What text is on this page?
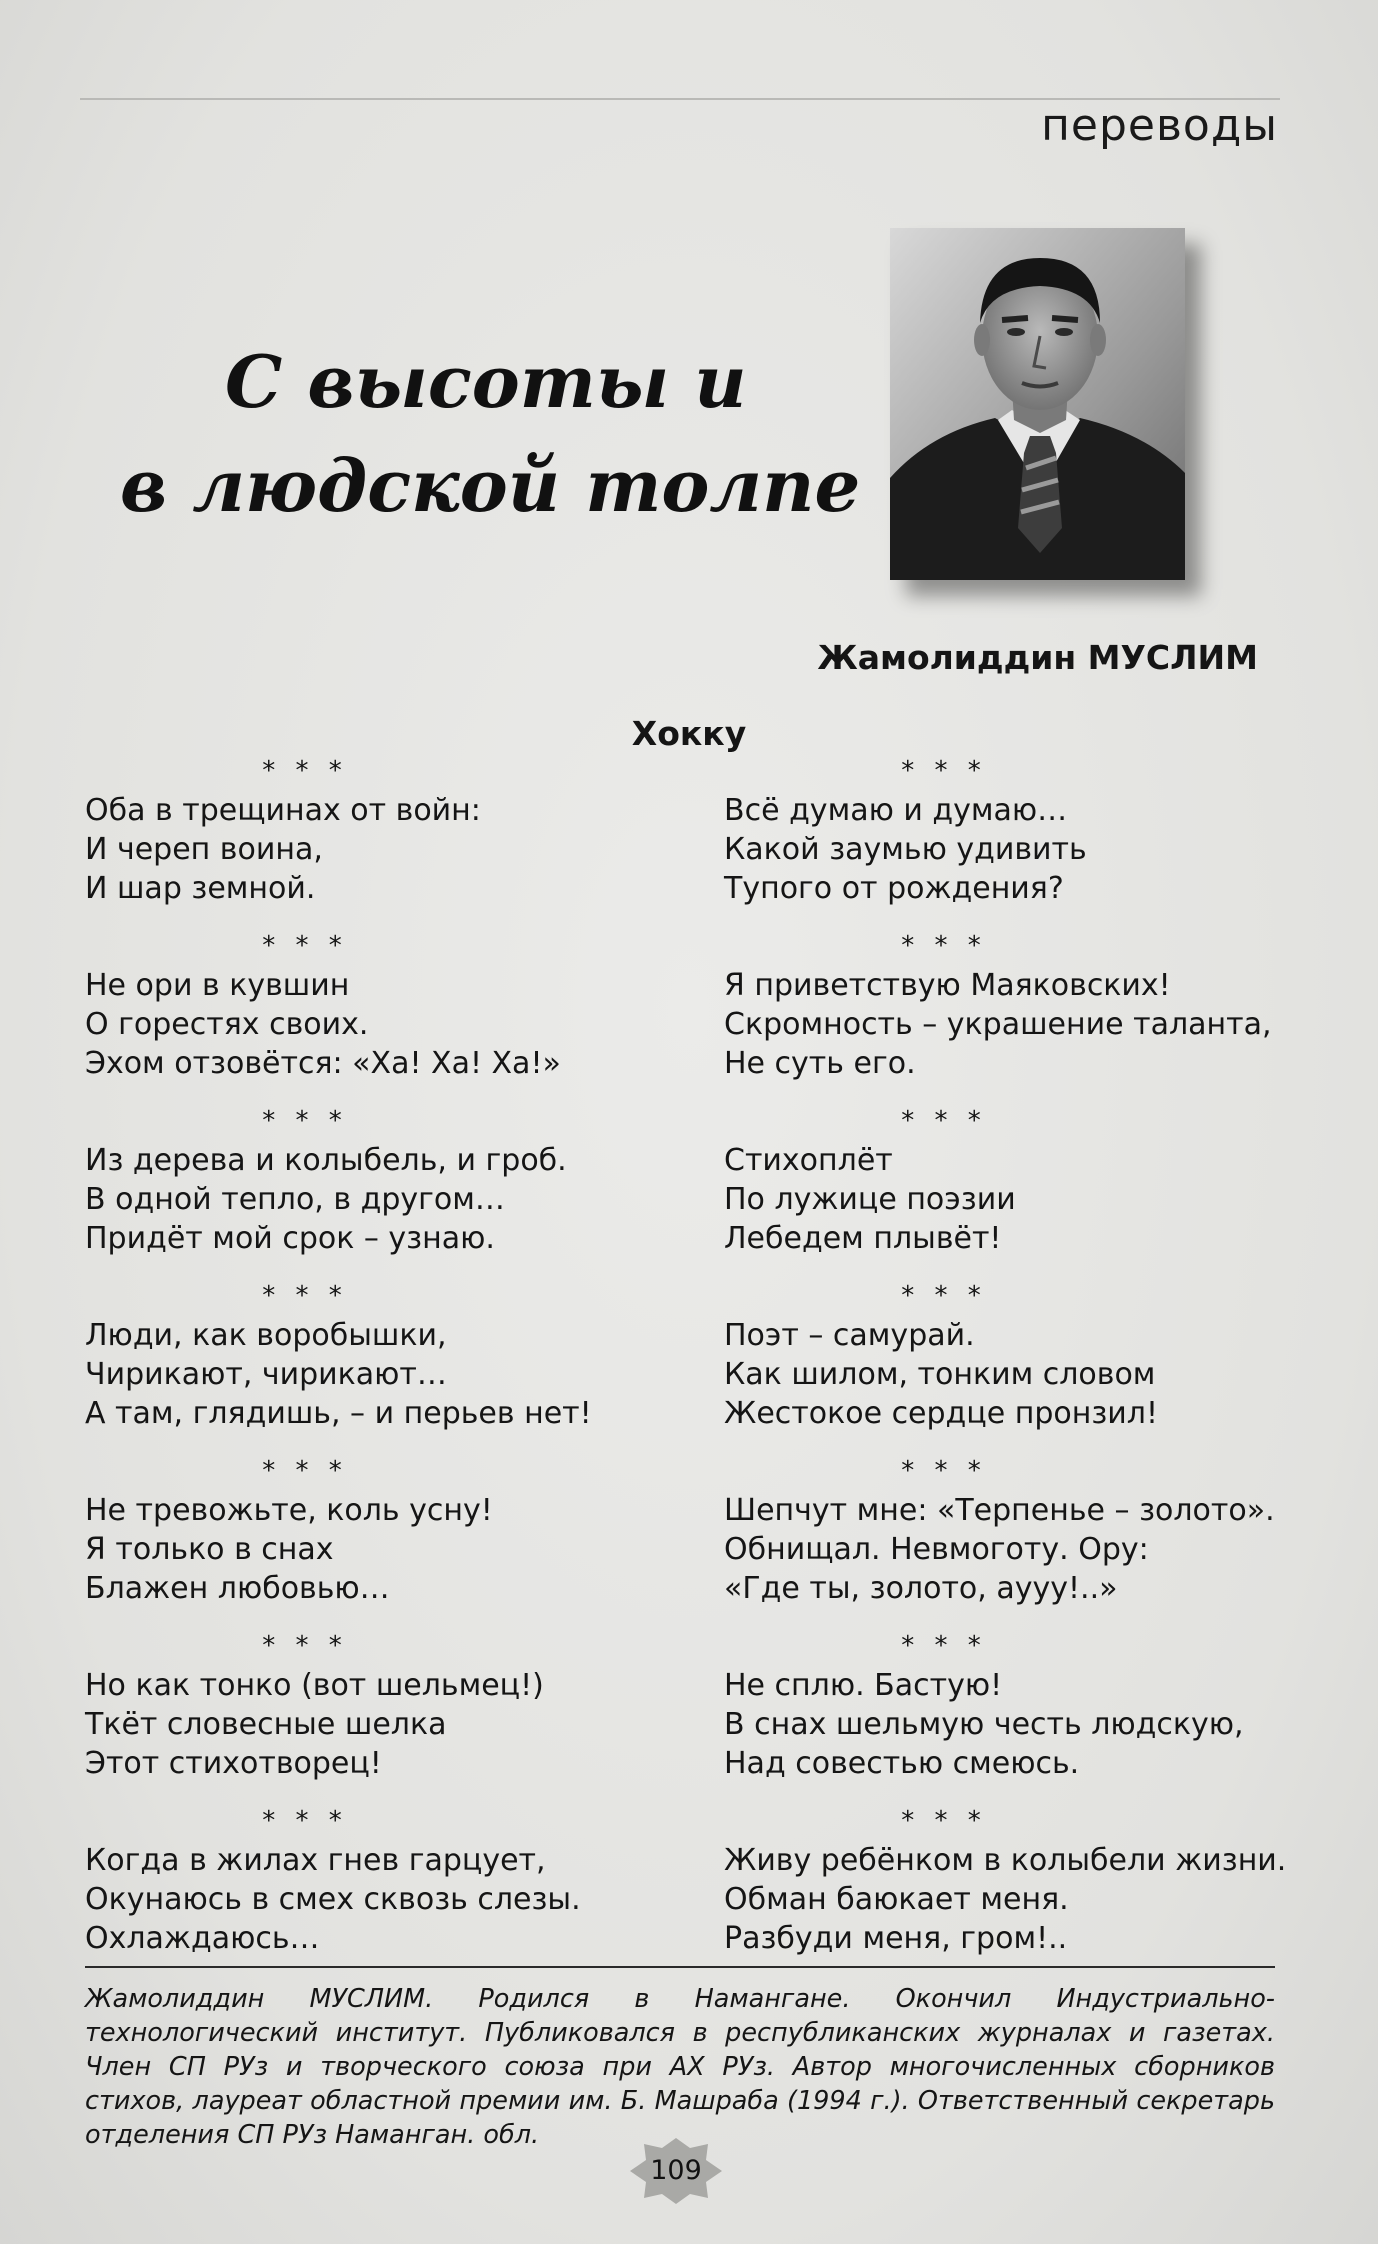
переводы
С высоты и
в людской толпе
Жамолиддин МУСЛИМ
Хокку
* * *
Оба в трещинах от войн:
И череп воина,
И шар земной.
* * *
Не ори в кувшин
О горестях своих.
Эхом отзовётся: «Ха! Ха! Ха!»
* * *
Из дерева и колыбель, и гроб.
В одной тепло, в другом…
Придёт мой срок – узнаю.
* * *
Люди, как воробышки,
Чирикают, чирикают…
А там, глядишь, – и перьев нет!
* * *
Не тревожьте, коль усну!
Я только в снах
Блажен любовью…
* * *
Но как тонко (вот шельмец!)
Ткёт словесные шелка
Этот стихотворец!
* * *
Когда в жилах гнев гарцует,
Окунаюсь в смех сквозь слезы.
Охлаждаюсь…
* * *
Всё думаю и думаю…
Какой заумью удивить
Тупого от рождения?
* * *
Я приветствую Маяковских!
Скромность – украшение таланта,
Не суть его.
* * *
Стихоплёт
По лужице поэзии
Лебедем плывёт!
* * *
Поэт – самурай.
Как шилом, тонким словом
Жестокое сердце пронзил!
* * *
Шепчут мне: «Терпенье – золото».
Обнищал. Невмоготу. Ору:
«Где ты, золото, аууу!..»
* * *
Не сплю. Бастую!
В снах шельмую честь людскую,
Над совестью смеюсь.
* * *
Живу ребёнком в колыбели жизни.
Обман баюкает меня.
Разбуди меня, гром!..
Жамолиддин МУСЛИМ. Родился в Намангане. Окончил Индустриально-технологический институт. Публиковался в республиканских журналах и газетах. Член СП РУз и творческого союза при АХ РУз. Автор многочисленных сборников стихов, лауреат областной премии им. Б. Машраба (1994 г.). Ответственный секретарь отделения СП РУз Наманган. обл.
109
